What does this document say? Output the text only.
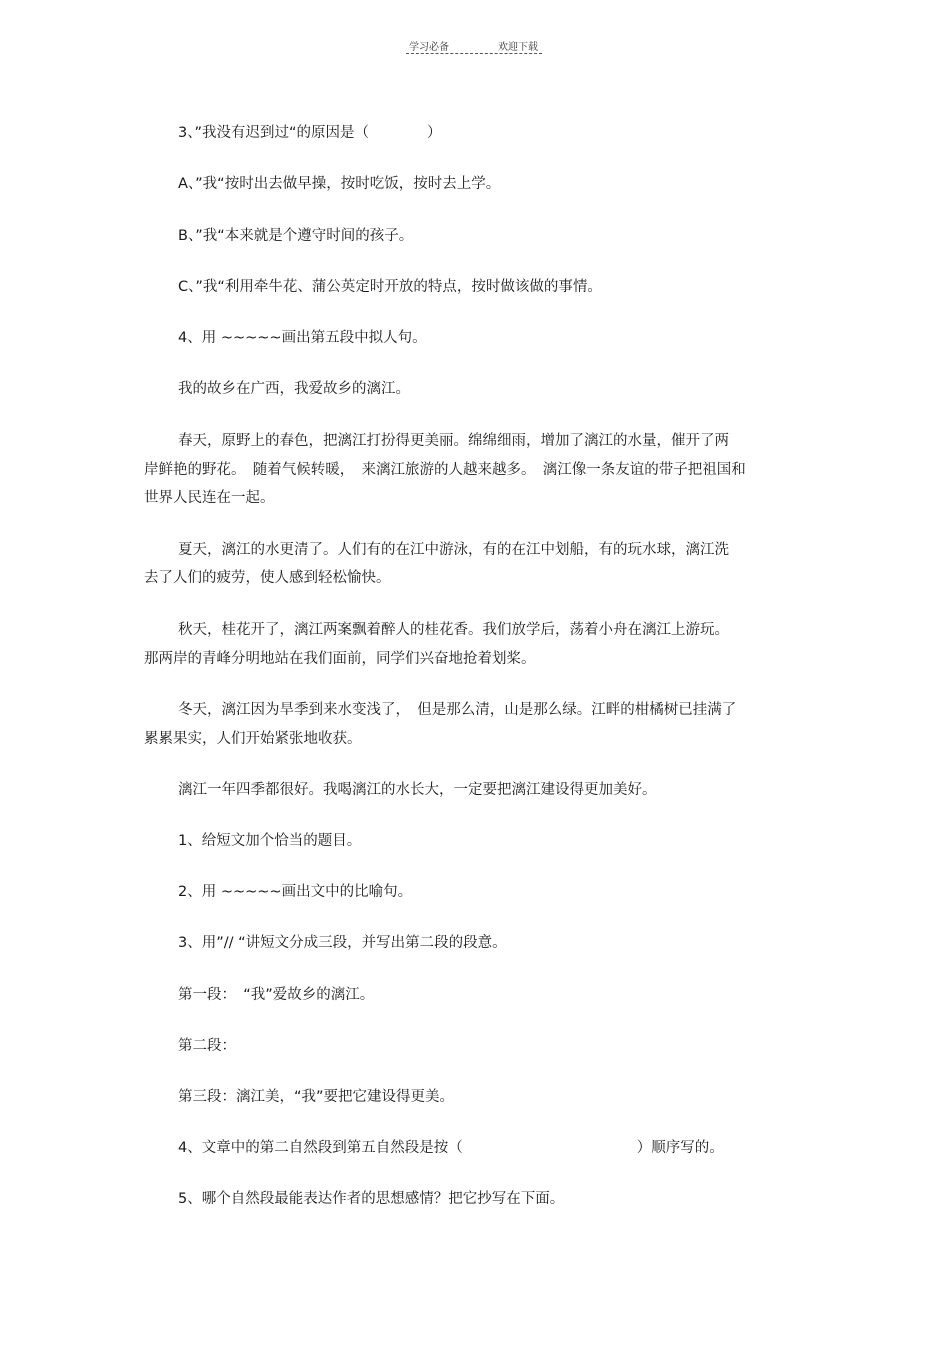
学习必备	欢迎下载
3、”我没有迟到过“的原因是（　　　　）
A、”我“按时出去做早操，按时吃饭，按时去上学。
B、”我“本来就是个遵守时间的孩子。
C、”我“利用牵牛花、蒲公英定时开放的特点，按时做该做的事情。
4、用 ~~~~~画出第五段中拟人句。
我的故乡在广西，我爱故乡的漓江。
春天，原野上的春色，把漓江打扮得更美丽。绵绵细雨，增加了漓江的水量，催开了两
岸鲜艳的野花。　随着气候转暖，　来漓江旅游的人越来越多。　漓江像一条友谊的带子把祖国和
世界人民连在一起。
夏天，漓江的水更清了。人们有的在江中游泳，有的在江中划船，有的玩水球，漓江洗
去了人们的疲劳，使人感到轻松愉快。
秋天，桂花开了，漓江两案飘着醉人的桂花香。我们放学后，荡着小舟在漓江上游玩。
那两岸的青峰分明地站在我们面前，同学们兴奋地抢着划桨。
冬天，漓江因为旱季到来水变浅了，　但是那么清，山是那么绿。江畔的柑橘树已挂满了
累累果实，人们开始紧张地收获。
漓江一年四季都很好。我喝漓江的水长大，一定要把漓江建设得更加美好。
1、给短文加个恰当的题目。
2、用 ~~~~~画出文中的比喻句。
3、用”// “讲短文分成三段，并写出第二段的段意。
第一段：　“我”爱故乡的漓江。
第二段：
第三段：漓江美，“我”要把它建设得更美。
4、文章中的第二自然段到第五自然段是按（　　　　　　　　　　　　）顺序写的。
5、哪个自然段最能表达作者的思想感情？把它抄写在下面。
